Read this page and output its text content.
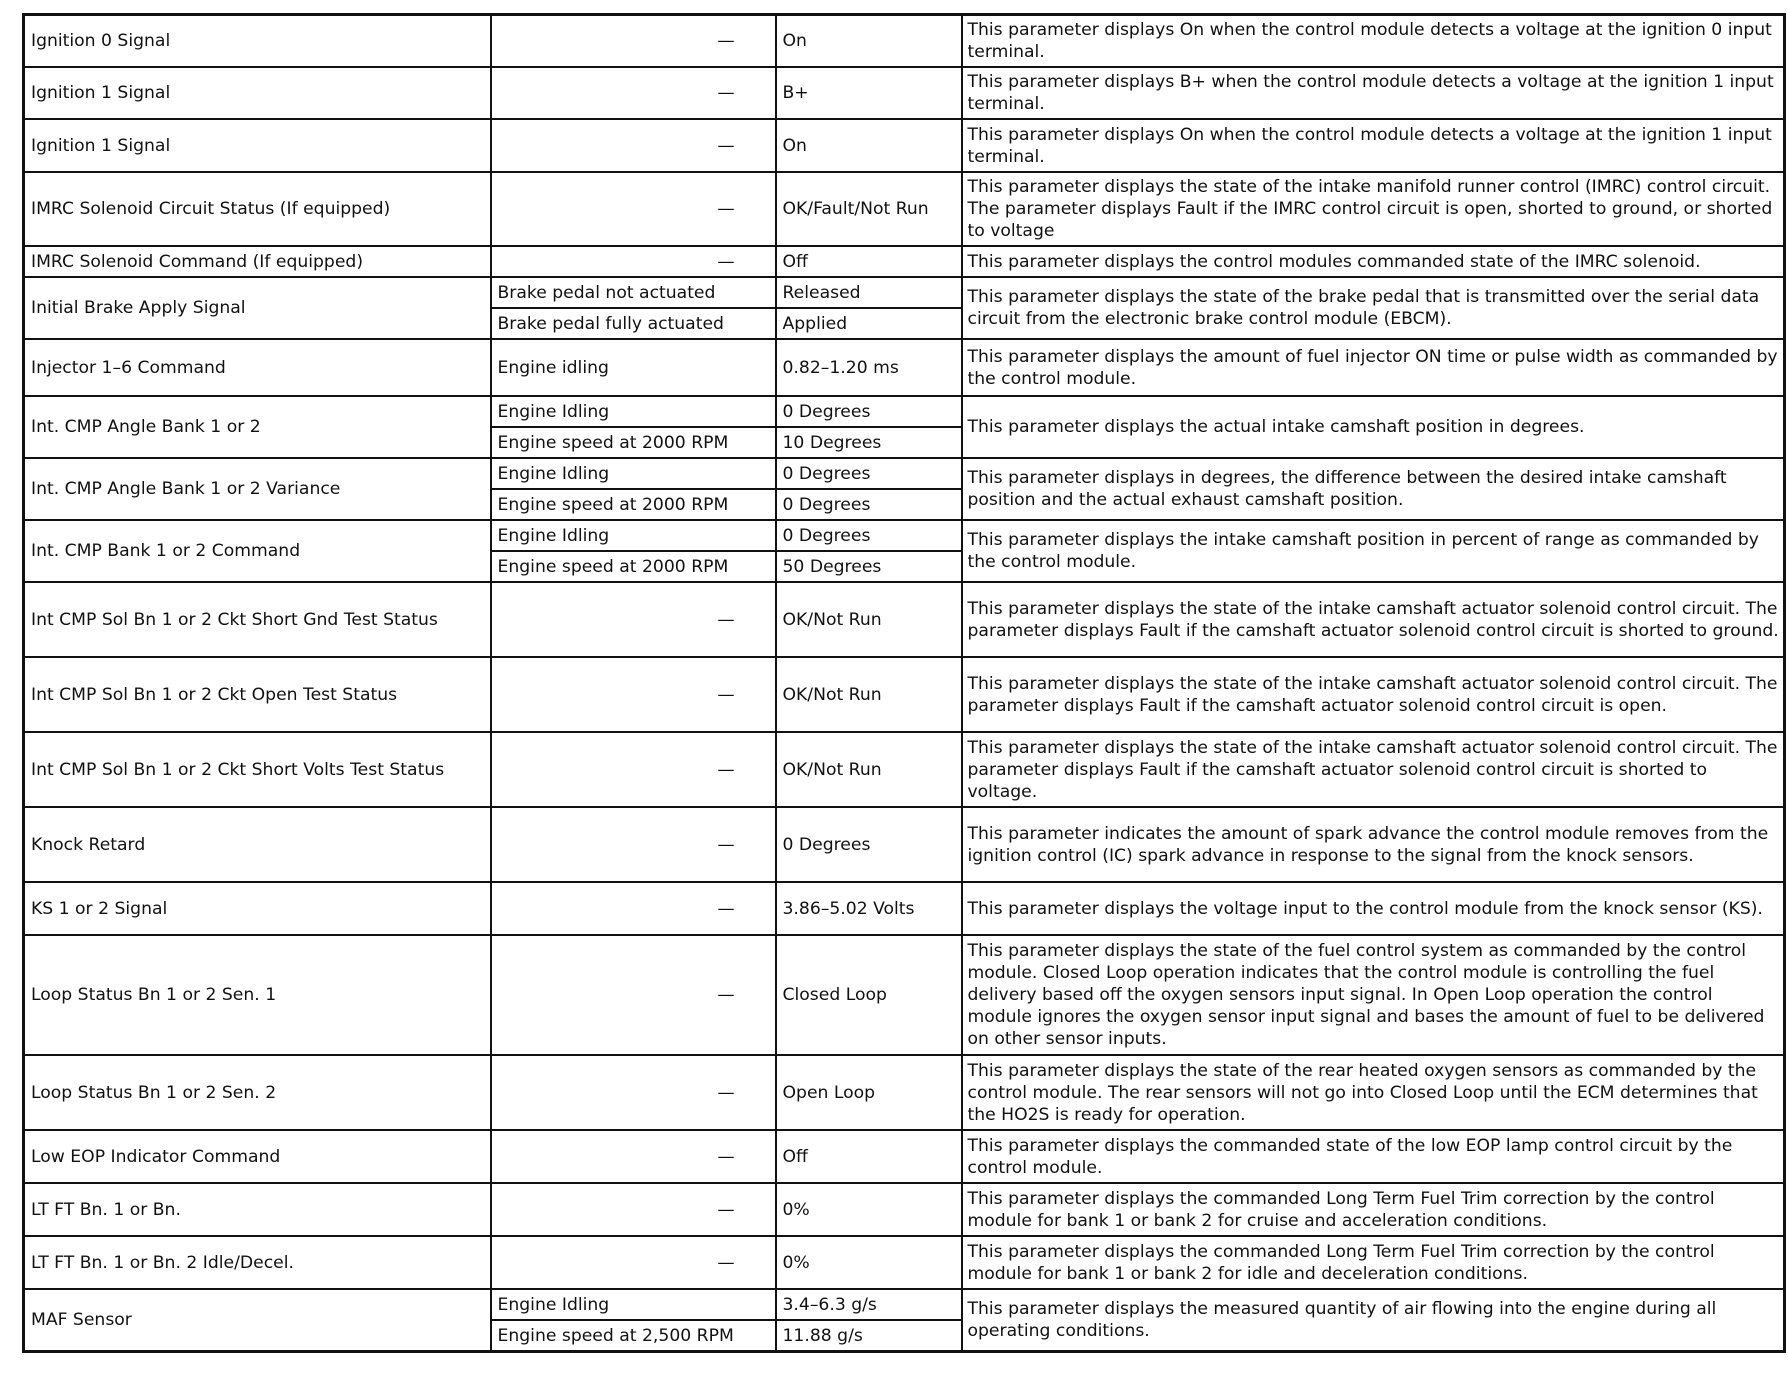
Ignition 0 Signal	—	On	This parameter displays On when the control module detects a voltage at the ignition 0 input terminal.
Ignition 1 Signal	—	B+	This parameter displays B+ when the control module detects a voltage at the ignition 1 input terminal.
Ignition 1 Signal	—	On	This parameter displays On when the control module detects a voltage at the ignition 1 input terminal.
IMRC Solenoid Circuit Status (If equipped)	—	OK/Fault/Not Run	This parameter displays the state of the intake manifold runner control (IMRC) control circuit. The parameter displays Fault if the IMRC control circuit is open, shorted to ground, or shorted to voltage
IMRC Solenoid Command (If equipped)	—	Off	This parameter displays the control modules commanded state of the IMRC solenoid.
Initial Brake Apply Signal	Brake pedal not actuated	Released	This parameter displays the state of the brake pedal that is transmitted over the serial data circuit from the electronic brake control module (EBCM).
	Brake pedal fully actuated	Applied	
Injector 1–6 Command	Engine idling	0.82–1.20 ms	This parameter displays the amount of fuel injector ON time or pulse width as commanded by the control module.
Int. CMP Angle Bank 1 or 2	Engine Idling	0 Degrees	This parameter displays the actual intake camshaft position in degrees.
	Engine speed at 2000 RPM	10 Degrees	
Int. CMP Angle Bank 1 or 2 Variance	Engine Idling	0 Degrees	This parameter displays in degrees, the difference between the desired intake camshaft position and the actual exhaust camshaft position.
	Engine speed at 2000 RPM	0 Degrees	
Int. CMP Bank 1 or 2 Command	Engine Idling	0 Degrees	This parameter displays the intake camshaft position in percent of range as commanded by the control module.
	Engine speed at 2000 RPM	50 Degrees	
Int CMP Sol Bn 1 or 2 Ckt Short Gnd Test Status	—	OK/Not Run	This parameter displays the state of the intake camshaft actuator solenoid control circuit. The parameter displays Fault if the camshaft actuator solenoid control circuit is shorted to ground.
Int CMP Sol Bn 1 or 2 Ckt Open Test Status	—	OK/Not Run	This parameter displays the state of the intake camshaft actuator solenoid control circuit. The parameter displays Fault if the camshaft actuator solenoid control circuit is open.
Int CMP Sol Bn 1 or 2 Ckt Short Volts Test Status	—	OK/Not Run	This parameter displays the state of the intake camshaft actuator solenoid control circuit. The parameter displays Fault if the camshaft actuator solenoid control circuit is shorted to voltage.
Knock Retard	—	0 Degrees	This parameter indicates the amount of spark advance the control module removes from the ignition control (IC) spark advance in response to the signal from the knock sensors.
KS 1 or 2 Signal	—	3.86–5.02 Volts	This parameter displays the voltage input to the control module from the knock sensor (KS).
Loop Status Bn 1 or 2 Sen. 1	—	Closed Loop	This parameter displays the state of the fuel control system as commanded by the control module. Closed Loop operation indicates that the control module is controlling the fuel delivery based off the oxygen sensors input signal. In Open Loop operation the control module ignores the oxygen sensor input signal and bases the amount of fuel to be delivered on other sensor inputs.
Loop Status Bn 1 or 2 Sen. 2	—	Open Loop	This parameter displays the state of the rear heated oxygen sensors as commanded by the control module. The rear sensors will not go into Closed Loop until the ECM determines that the HO2S is ready for operation.
Low EOP Indicator Command	—	Off	This parameter displays the commanded state of the low EOP lamp control circuit by the control module.
LT FT Bn. 1 or Bn.	—	0%	This parameter displays the commanded Long Term Fuel Trim correction by the control module for bank 1 or bank 2 for cruise and acceleration conditions.
LT FT Bn. 1 or Bn. 2 Idle/Decel.	—	0%	This parameter displays the commanded Long Term Fuel Trim correction by the control module for bank 1 or bank 2 for idle and deceleration conditions.
MAF Sensor	Engine Idling	3.4–6.3 g/s	This parameter displays the measured quantity of air flowing into the engine during all operating conditions.
	Engine speed at 2,500 RPM	11.88 g/s	
